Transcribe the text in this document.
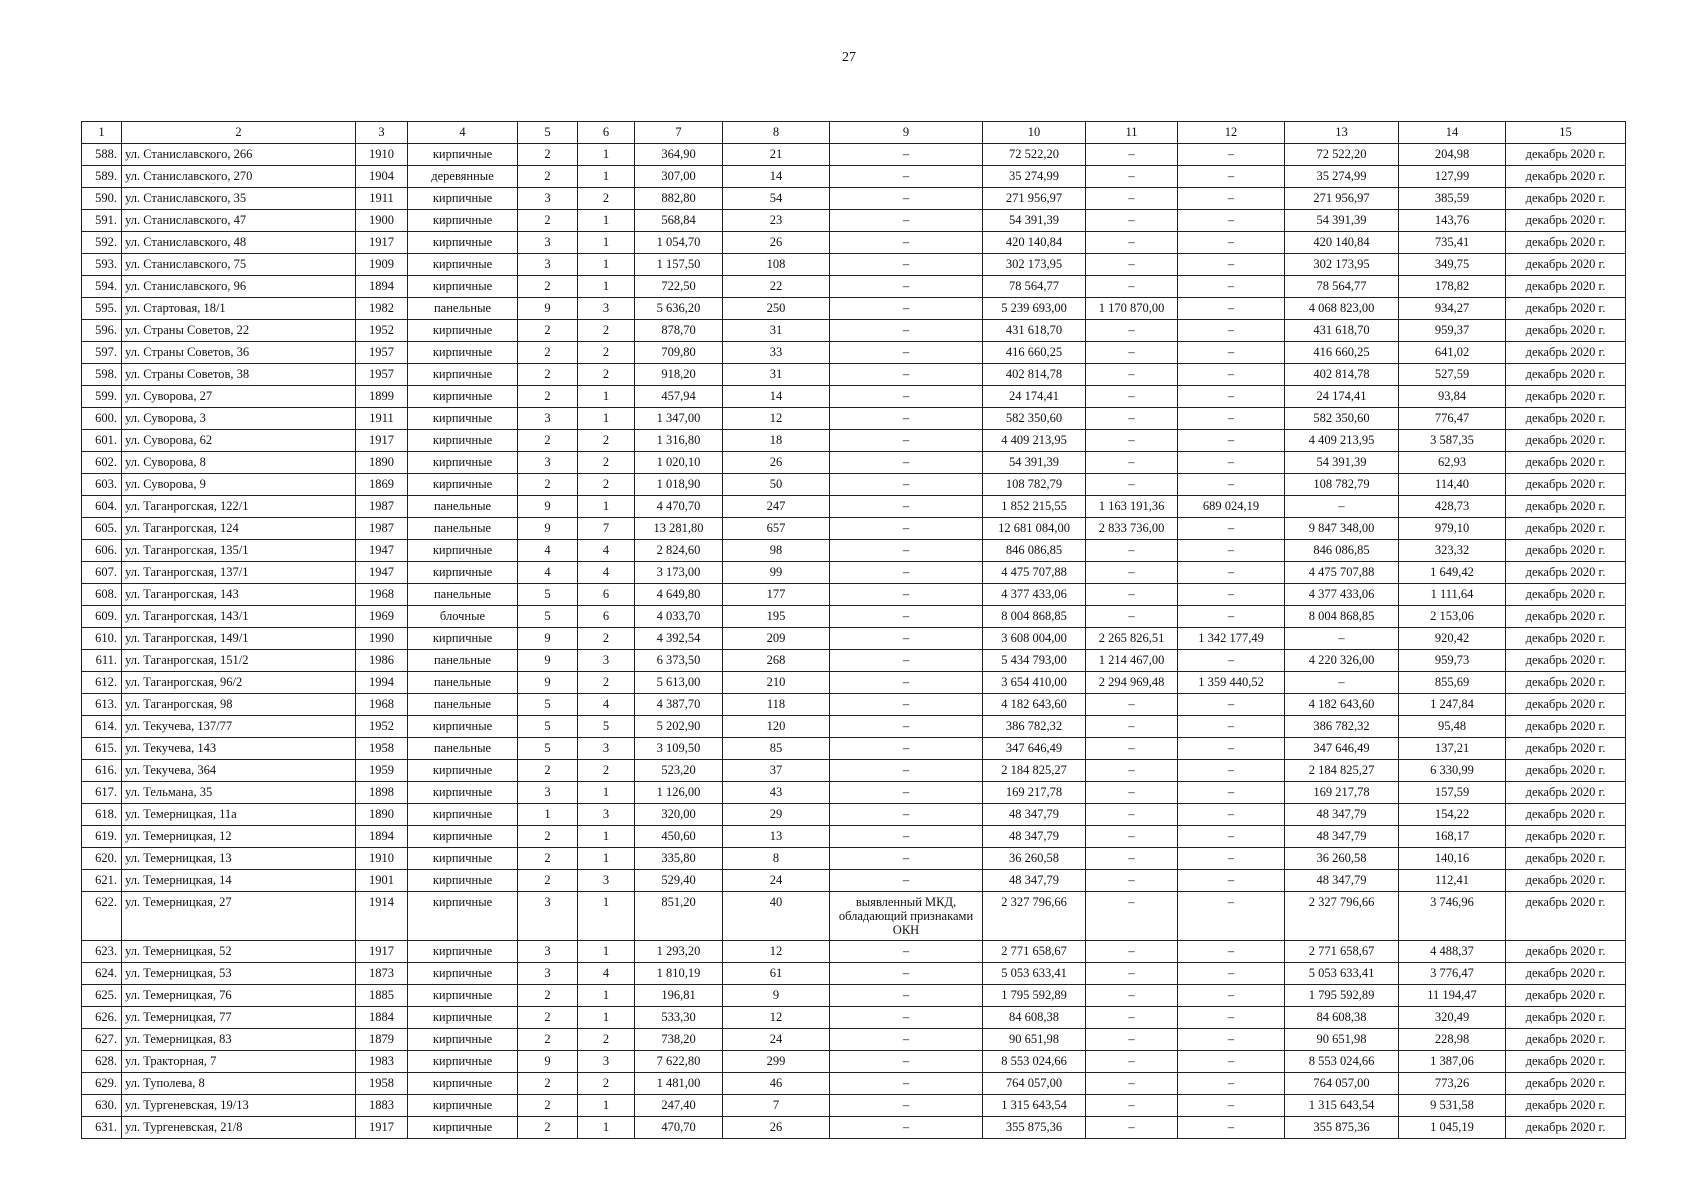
27
1	2	3	4	5	6	7	8	9	10	11	12	13	14	15
588.	ул. Станиславского, 266	1910	кирпичные	2	1	364,90	21	–	72 522,20	–	–	72 522,20	204,98	декабрь 2020 г.
589.	ул. Станиславского, 270	1904	деревянные	2	1	307,00	14	–	35 274,99	–	–	35 274,99	127,99	декабрь 2020 г.
590.	ул. Станиславского, 35	1911	кирпичные	3	2	882,80	54	–	271 956,97	–	–	271 956,97	385,59	декабрь 2020 г.
591.	ул. Станиславского, 47	1900	кирпичные	2	1	568,84	23	–	54 391,39	–	–	54 391,39	143,76	декабрь 2020 г.
592.	ул. Станиславского, 48	1917	кирпичные	3	1	1 054,70	26	–	420 140,84	–	–	420 140,84	735,41	декабрь 2020 г.
593.	ул. Станиславского, 75	1909	кирпичные	3	1	1 157,50	108	–	302 173,95	–	–	302 173,95	349,75	декабрь 2020 г.
594.	ул. Станиславского, 96	1894	кирпичные	2	1	722,50	22	–	78 564,77	–	–	78 564,77	178,82	декабрь 2020 г.
595.	ул. Стартовая, 18/1	1982	панельные	9	3	5 636,20	250	–	5 239 693,00	1 170 870,00	–	4 068 823,00	934,27	декабрь 2020 г.
596.	ул. Страны Советов, 22	1952	кирпичные	2	2	878,70	31	–	431 618,70	–	–	431 618,70	959,37	декабрь 2020 г.
597.	ул. Страны Советов, 36	1957	кирпичные	2	2	709,80	33	–	416 660,25	–	–	416 660,25	641,02	декабрь 2020 г.
598.	ул. Страны Советов, 38	1957	кирпичные	2	2	918,20	31	–	402 814,78	–	–	402 814,78	527,59	декабрь 2020 г.
599.	ул. Суворова, 27	1899	кирпичные	2	1	457,94	14	–	24 174,41	–	–	24 174,41	93,84	декабрь 2020 г.
600.	ул. Суворова, 3	1911	кирпичные	3	1	1 347,00	12	–	582 350,60	–	–	582 350,60	776,47	декабрь 2020 г.
601.	ул. Суворова, 62	1917	кирпичные	2	2	1 316,80	18	–	4 409 213,95	–	–	4 409 213,95	3 587,35	декабрь 2020 г.
602.	ул. Суворова, 8	1890	кирпичные	3	2	1 020,10	26	–	54 391,39	–	–	54 391,39	62,93	декабрь 2020 г.
603.	ул. Суворова, 9	1869	кирпичные	2	2	1 018,90	50	–	108 782,79	–	–	108 782,79	114,40	декабрь 2020 г.
604.	ул. Таганрогская, 122/1	1987	панельные	9	1	4 470,70	247	–	1 852 215,55	1 163 191,36	689 024,19	–	428,73	декабрь 2020 г.
605.	ул. Таганрогская, 124	1987	панельные	9	7	13 281,80	657	–	12 681 084,00	2 833 736,00	–	9 847 348,00	979,10	декабрь 2020 г.
606.	ул. Таганрогская, 135/1	1947	кирпичные	4	4	2 824,60	98	–	846 086,85	–	–	846 086,85	323,32	декабрь 2020 г.
607.	ул. Таганрогская, 137/1	1947	кирпичные	4	4	3 173,00	99	–	4 475 707,88	–	–	4 475 707,88	1 649,42	декабрь 2020 г.
608.	ул. Таганрогская, 143	1968	панельные	5	6	4 649,80	177	–	4 377 433,06	–	–	4 377 433,06	1 111,64	декабрь 2020 г.
609.	ул. Таганрогская, 143/1	1969	блочные	5	6	4 033,70	195	–	8 004 868,85	–	–	8 004 868,85	2 153,06	декабрь 2020 г.
610.	ул. Таганрогская, 149/1	1990	кирпичные	9	2	4 392,54	209	–	3 608 004,00	2 265 826,51	1 342 177,49	–	920,42	декабрь 2020 г.
611.	ул. Таганрогская, 151/2	1986	панельные	9	3	6 373,50	268	–	5 434 793,00	1 214 467,00	–	4 220 326,00	959,73	декабрь 2020 г.
612.	ул. Таганрогская, 96/2	1994	панельные	9	2	5 613,00	210	–	3 654 410,00	2 294 969,48	1 359 440,52	–	855,69	декабрь 2020 г.
613.	ул. Таганрогская, 98	1968	панельные	5	4	4 387,70	118	–	4 182 643,60	–	–	4 182 643,60	1 247,84	декабрь 2020 г.
614.	ул. Текучева, 137/77	1952	кирпичные	5	5	5 202,90	120	–	386 782,32	–	–	386 782,32	95,48	декабрь 2020 г.
615.	ул. Текучева, 143	1958	панельные	5	3	3 109,50	85	–	347 646,49	–	–	347 646,49	137,21	декабрь 2020 г.
616.	ул. Текучева, 364	1959	кирпичные	2	2	523,20	37	–	2 184 825,27	–	–	2 184 825,27	6 330,99	декабрь 2020 г.
617.	ул. Тельмана, 35	1898	кирпичные	3	1	1 126,00	43	–	169 217,78	–	–	169 217,78	157,59	декабрь 2020 г.
618.	ул. Темерницкая, 11а	1890	кирпичные	1	3	320,00	29	–	48 347,79	–	–	48 347,79	154,22	декабрь 2020 г.
619.	ул. Темерницкая, 12	1894	кирпичные	2	1	450,60	13	–	48 347,79	–	–	48 347,79	168,17	декабрь 2020 г.
620.	ул. Темерницкая, 13	1910	кирпичные	2	1	335,80	8	–	36 260,58	–	–	36 260,58	140,16	декабрь 2020 г.
621.	ул. Темерницкая, 14	1901	кирпичные	2	3	529,40	24	–	48 347,79	–	–	48 347,79	112,41	декабрь 2020 г.
622.	ул. Темерницкая, 27	1914	кирпичные	3	1	851,20	40	выявленный МКД, обладающий признаками ОКН	2 327 796,66	–	–	2 327 796,66	3 746,96	декабрь 2020 г.
623.	ул. Темерницкая, 52	1917	кирпичные	3	1	1 293,20	12	–	2 771 658,67	–	–	2 771 658,67	4 488,37	декабрь 2020 г.
624.	ул. Темерницкая, 53	1873	кирпичные	3	4	1 810,19	61	–	5 053 633,41	–	–	5 053 633,41	3 776,47	декабрь 2020 г.
625.	ул. Темерницкая, 76	1885	кирпичные	2	1	196,81	9	–	1 795 592,89	–	–	1 795 592,89	11 194,47	декабрь 2020 г.
626.	ул. Темерницкая, 77	1884	кирпичные	2	1	533,30	12	–	84 608,38	–	–	84 608,38	320,49	декабрь 2020 г.
627.	ул. Темерницкая, 83	1879	кирпичные	2	2	738,20	24	–	90 651,98	–	–	90 651,98	228,98	декабрь 2020 г.
628.	ул. Тракторная, 7	1983	кирпичные	9	3	7 622,80	299	–	8 553 024,66	–	–	8 553 024,66	1 387,06	декабрь 2020 г.
629.	ул. Туполева, 8	1958	кирпичные	2	2	1 481,00	46	–	764 057,00	–	–	764 057,00	773,26	декабрь 2020 г.
630.	ул. Тургеневская, 19/13	1883	кирпичные	2	1	247,40	7	–	1 315 643,54	–	–	1 315 643,54	9 531,58	декабрь 2020 г.
631.	ул. Тургеневская, 21/8	1917	кирпичные	2	1	470,70	26	–	355 875,36	–	–	355 875,36	1 045,19	декабрь 2020 г.
